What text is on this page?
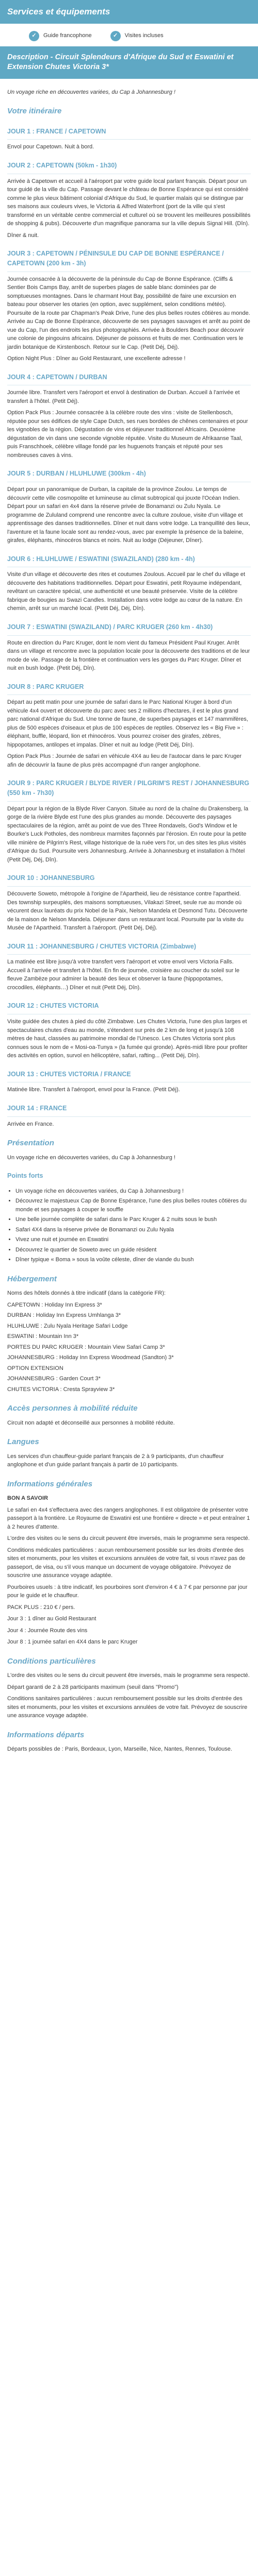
Services et équipements
✓	Guide francophone	✓	Visites incluses
Description - Circuit Splendeurs d'Afrique du Sud et Eswatini et Extension Chutes Victoria 3*

Un voyage riche en découvertes variées, du Cap à Johannesburg !

Votre itinéraire
JOUR 1 : FRANCE / CAPETOWN

Envol pour Capetown. Nuit à bord.

JOUR 2 : CAPETOWN (50km - 1h30)

Arrivée à Capetown et accueil à l'aéroport par votre guide local parlant français. Départ pour un tour guidé de la ville du Cap. Passage devant le château de Bonne Espérance qui est considéré comme le plus vieux bâtiment colonial d'Afrique du Sud, le quartier malais qui se distingue par ses maisons aux couleurs vives, le Victoria & Alfred Waterfront (port de la ville qui s'est transformé en un véritable centre commercial et culturel où se trouvent les meilleures possibilités de shopping & pubs). Découverte d'un magnifique panorama sur la ville depuis Signal Hill. (Dîn).

Dîner & nuit.

JOUR 3 : CAPETOWN / PÉNINSULE DU CAP DE BONNE ESPÉRANCE / CAPETOWN (200 km - 3h)

Journée consacrée à la découverte de la péninsule du Cap de Bonne Espérance. (Cliffs & Sentier Bois Camps Bay, arrêt de superbes plages de sable blanc dominées par de somptueuses montagnes. Dans le charmant Hout Bay, possibilité de faire une excursion en bateau pour observer les otaries (en option, avec supplément, selon conditions météo). Poursuite de la route par Chapman's Peak Drive, l'une des plus belles routes côtières au monde. Arrivée au Cap de Bonne Espérance, découverte de ses paysages sauvages et arrêt au point de vue du Cap, l'un des endroits les plus photographiés. Arrivée à Boulders Beach pour découvrir une colonie de pingouins africains. Déjeuner de poissons et fruits de mer. Continuation vers le jardin botanique de Kirstenbosch. Retour sur le Cap. (Petit Déj, Déj).

Option Night Plus : Dîner au Gold Restaurant, une excellente adresse !

JOUR 4 : CAPETOWN / DURBAN

Journée libre. Transfert vers l'aéroport et envol à destination de Durban. Accueil à l'arrivée et transfert à l'hôtel. (Petit Déj).

Option Pack Plus : Journée consacrée à la célèbre route des vins : visite de Stellenbosch, réputée pour ses édifices de style Cape Dutch, ses rues bordées de chênes centenaires et pour les vignobles de la région. Dégustation de vins et déjeuner traditionnel Africains. Deuxième dégustation de vin dans une seconde vignoble réputée. Visite du Museum de Afrikaanse Taal, puis Franschhoek, célèbre village fondé par les huguenots français et réputé pour ses nombreuses caves à vins.

JOUR 5 : DURBAN / HLUHLUWE (300km - 4h)

Départ pour un panoramique de Durban, la capitale de la province Zoulou. Le temps de découvrir cette ville cosmopolite et lumineuse au climat subtropical qui jouxte l'Océan Indien. Départ pour un safari en 4x4 dans la réserve privée de Bonamanzi ou Zulu Nyala. Le programme de Zululand comprend une rencontre avec la culture zouloue, visite d'un village et apprentissage des danses traditionnelles. Dîner et nuit dans votre lodge. La tranquillité des lieux, l'aventure et la faune locale sont au rendez-vous, avec par exemple la présence de la baleine, girafes, éléphants, rhinocéros blancs et noirs. Nuit au lodge (Déjeuner, Dîner).

JOUR 6 : HLUHLUWE / ESWATINI (SWAZILAND) (280 km - 4h)

Visite d'un village et découverte des rites et coutumes Zoulous. Accueil par le chef du village et découverte des habitations traditionnelles. Départ pour Eswatini, petit Royaume indépendant, revêtant un caractère spécial, une authenticité et une beauté préservée. Visite de la célèbre fabrique de bougies au Swazi Candles. Installation dans votre lodge au cœur de la nature. En chemin, arrêt sur un marché local. (Petit Déj, Déj, Dîn).

JOUR 7 : ESWATINI (SWAZILAND) / PARC KRUGER (260 km - 4h30)

Route en direction du Parc Kruger, dont le nom vient du fameux Président Paul Kruger. Arrêt dans un village et rencontre avec la population locale pour la découverte des traditions et de leur mode de vie. Passage de la frontière et continuation vers les gorges du Parc Kruger. Dîner et nuit en bush lodge. (Petit Déj, Dîn).

JOUR 8 : PARC KRUGER

Départ au petit matin pour une journée de safari dans le Parc National Kruger à bord d'un véhicule 4x4 ouvert et découverte du parc avec ses 2 millions d'hectares, il est le plus grand parc national d'Afrique du Sud. Une tonne de faune, de superbes paysages et 147 mammifères, plus de 500 espèces d'oiseaux et plus de 100 espèces de reptiles. Observez les « Big Five » : éléphant, buffle, léopard, lion et rhinocéros. Vous pourrez croiser des girafes, zèbres, hippopotames, antilopes et impalas. Dîner et nuit au lodge (Petit Déj, Dîn).

Option Pack Plus : Journée de safari en véhicule 4X4 au lieu de l'autocar dans le parc Kruger afin de découvrir la faune de plus près accompagné d'un ranger anglophone.

JOUR 9 : PARC KRUGER / BLYDE RIVER / PILGRIM'S REST / JOHANNESBURG (550 km - 7h30)

Départ pour la région de la Blyde River Canyon. Située au nord de la chaîne du Drakensberg, la gorge de la rivière Blyde est l'une des plus grandes au monde. Découverte des paysages spectaculaires de la région, arrêt au point de vue des Three Rondavels, God's Window et le Bourke's Luck Potholes, des nombreux marmites façonnés par l'érosion. En route pour la petite ville minière de Pilgrim's Rest, village historique de la ruée vers l'or, un des sites les plus visités d'Afrique du Sud. Poursuite vers Johannesburg. Arrivée à Johannesburg et installation à l'hôtel (Petit Déj, Déj, Dîn).

JOUR 10 : JOHANNESBURG

Découverte Soweto, métropole à l'origine de l'Apartheid, lieu de résistance contre l'apartheid. Des township surpeuplés, des maisons somptueuses, Vilakazi Street, seule rue au monde où vécurent deux lauréats du prix Nobel de la Paix, Nelson Mandela et Desmond Tutu. Découverte de la maison de Nelson Mandela. Déjeuner dans un restaurant local. Poursuite par la visite du Musée de l'Apartheid. Transfert à l'aéroport. (Petit Déj, Déj).

JOUR 11 : JOHANNESBURG / CHUTES VICTORIA (Zimbabwe)

La matinée est libre jusqu'à votre transfert vers l'aéroport et votre envol vers Victoria Falls. Accueil à l'arrivée et transfert à l'hôtel. En fin de journée, croisière au coucher du soleil sur le fleuve Zambèze pour admirer la beauté des lieux et observer la faune (hippopotames, crocodiles, éléphants…) Dîner et nuit (Petit Déj, Dîn).

JOUR 12 : CHUTES VICTORIA

Visite guidée des chutes à pied du côté Zimbabwe. Les Chutes Victoria, l'une des plus larges et spectaculaires chutes d'eau au monde, s'étendent sur près de 2 km de long et jusqu'à 108 mètres de haut, classées au patrimoine mondial de l'Unesco. Les Chutes Victoria sont plus connues sous le nom de « Mosi-oa-Tunya » (la fumée qui gronde). Après-midi libre pour profiter des activités en option, survol en hélicoptère, safari, rafting... (Petit Déj, Dîn).

JOUR 13 : CHUTES VICTORIA / FRANCE

Matinée libre. Transfert à l'aéroport, envol pour la France. (Petit Déj).

JOUR 14 : FRANCE

Arrivée en France.

Présentation

Un voyage riche en découvertes variées, du Cap à Johannesburg !

Points forts
• Un voyage riche en découvertes variées, du Cap à Johannesburg !
• Découvrez le majestueux Cap de Bonne Espérance, l'une des plus belles routes côtières du monde et ses paysages à couper le souffle
• Une belle journée complète de safari dans le Parc Kruger & 2 nuits sous le bush
• Safari 4X4 dans la réserve privée de Bonamanzi ou Zulu Nyala
• Vivez une nuit et journée en Eswatini
• Découvrez le quartier de Soweto avec un guide résident
• Dîner typique « Boma » sous la voûte céleste, dîner de viande du bush
Hébergement

Noms des hôtels donnés à titre indicatif (dans la catégorie FR):

CAPETOWN : Holiday Inn Express 3*

DURBAN : Holiday Inn Express Umhlanga 3*

HLUHLUWE : Zulu Nyala Heritage Safari Lodge

ESWATINI : Mountain Inn 3*

PORTES DU PARC KRUGER : Mountain View Safari Camp 3*

JOHANNESBURG : Holiday Inn Express Woodmead (Sandton) 3*

OPTION EXTENSION

JOHANNESBURG : Garden Court 3*

CHUTES VICTORIA : Cresta Sprayview 3*

Accès personnes à mobilité réduite

Circuit non adapté et déconseillé aux personnes à mobilité réduite.

Langues

Les services d'un chauffeur-guide parlant français de 2 à 9 participants, d'un chauffeur anglophone et d'un guide parlant français à partir de 10 participants.

Informations générales

BON A SAVOIR

Le safari en 4x4 s'effectuera avec des rangers anglophones. Il est obligatoire de présenter votre passeport à la frontière. Le Royaume de Eswatini est une frontière « directe » et peut entraîner 1 à 2 heures d'attente.

L'ordre des visites ou le sens du circuit peuvent être inversés, mais le programme sera respecté.

Conditions médicales particulières : aucun remboursement possible sur les droits d'entrée des sites et monuments, pour les visites et excursions annulées de votre fait, si vous n'avez pas de passeport, de visa, ou s'il vous manque un document de voyage obligatoire. Prévoyez de souscrire une assurance voyage adaptée.

Pourboires usuels : à titre indicatif, les pourboires sont d'environ 4 € à 7 € par personne par jour pour le guide et le chauffeur.

PACK PLUS : 210 € / pers.

Jour 3 : 1 dîner au Gold Restaurant

Jour 4 : Journée Route des vins

Jour 8 : 1 journée safari en 4X4 dans le parc Kruger

Conditions particulières

L'ordre des visites ou le sens du circuit peuvent être inversés, mais le programme sera respecté.

Départ garanti de 2 à 28 participants maximum (seuil dans "Promo")

Conditions sanitaires particulières : aucun remboursement possible sur les droits d'entrée des sites et monuments, pour les visites et excursions annulées de votre fait. Prévoyez de souscrire une assurance voyage adaptée.

Informations départs

Départs possibles de : Paris, Bordeaux, Lyon, Marseille, Nice, Nantes, Rennes, Toulouse.
